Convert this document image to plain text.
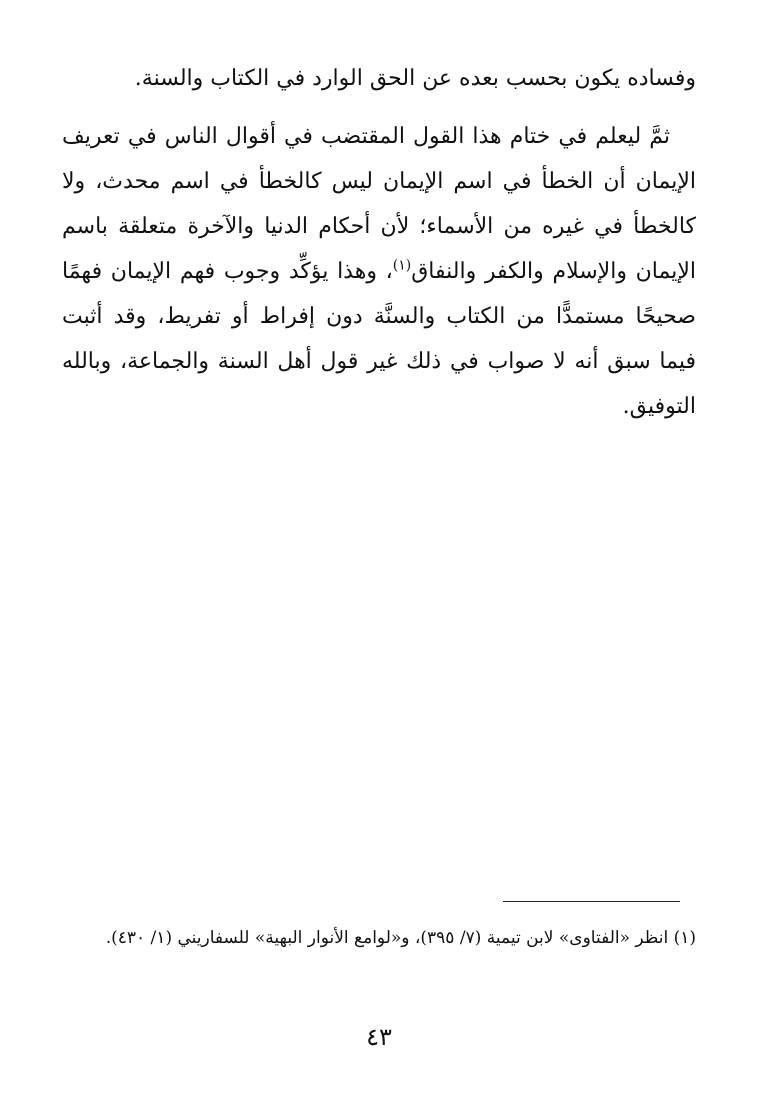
وفساده يكون بحسب بعده عن الحق الوارد في الكتاب والسنة.

ثمَّ ليعلم في ختام هذا القول المقتضب في أقوال الناس في تعريف الإيمان أن الخطأ في اسم الإيمان ليس كالخطأ في اسم محدث، ولا كالخطأ في غيره من الأسماء؛ لأن أحكام الدنيا والآخرة متعلقة باسم الإيمان والإسلام والكفر والنفاق$^{(١)}$، وهذا يؤكِّد وجوب فهم الإيمان فهمًا صحيحًا مستمدًّا من الكتاب والسنَّة دون إفراط أو تفريط، وقد أثبت فيما سبق أنه لا صواب في ذلك غير قول أهل السنة والجماعة، وبالله التوفيق.

(١) انظر «الفتاوى» لابن تيمية (٧/ ٣٩٥)، و«لوامع الأنوار البهية» للسفاريني (١/ ٤٣٠).
٤٣
